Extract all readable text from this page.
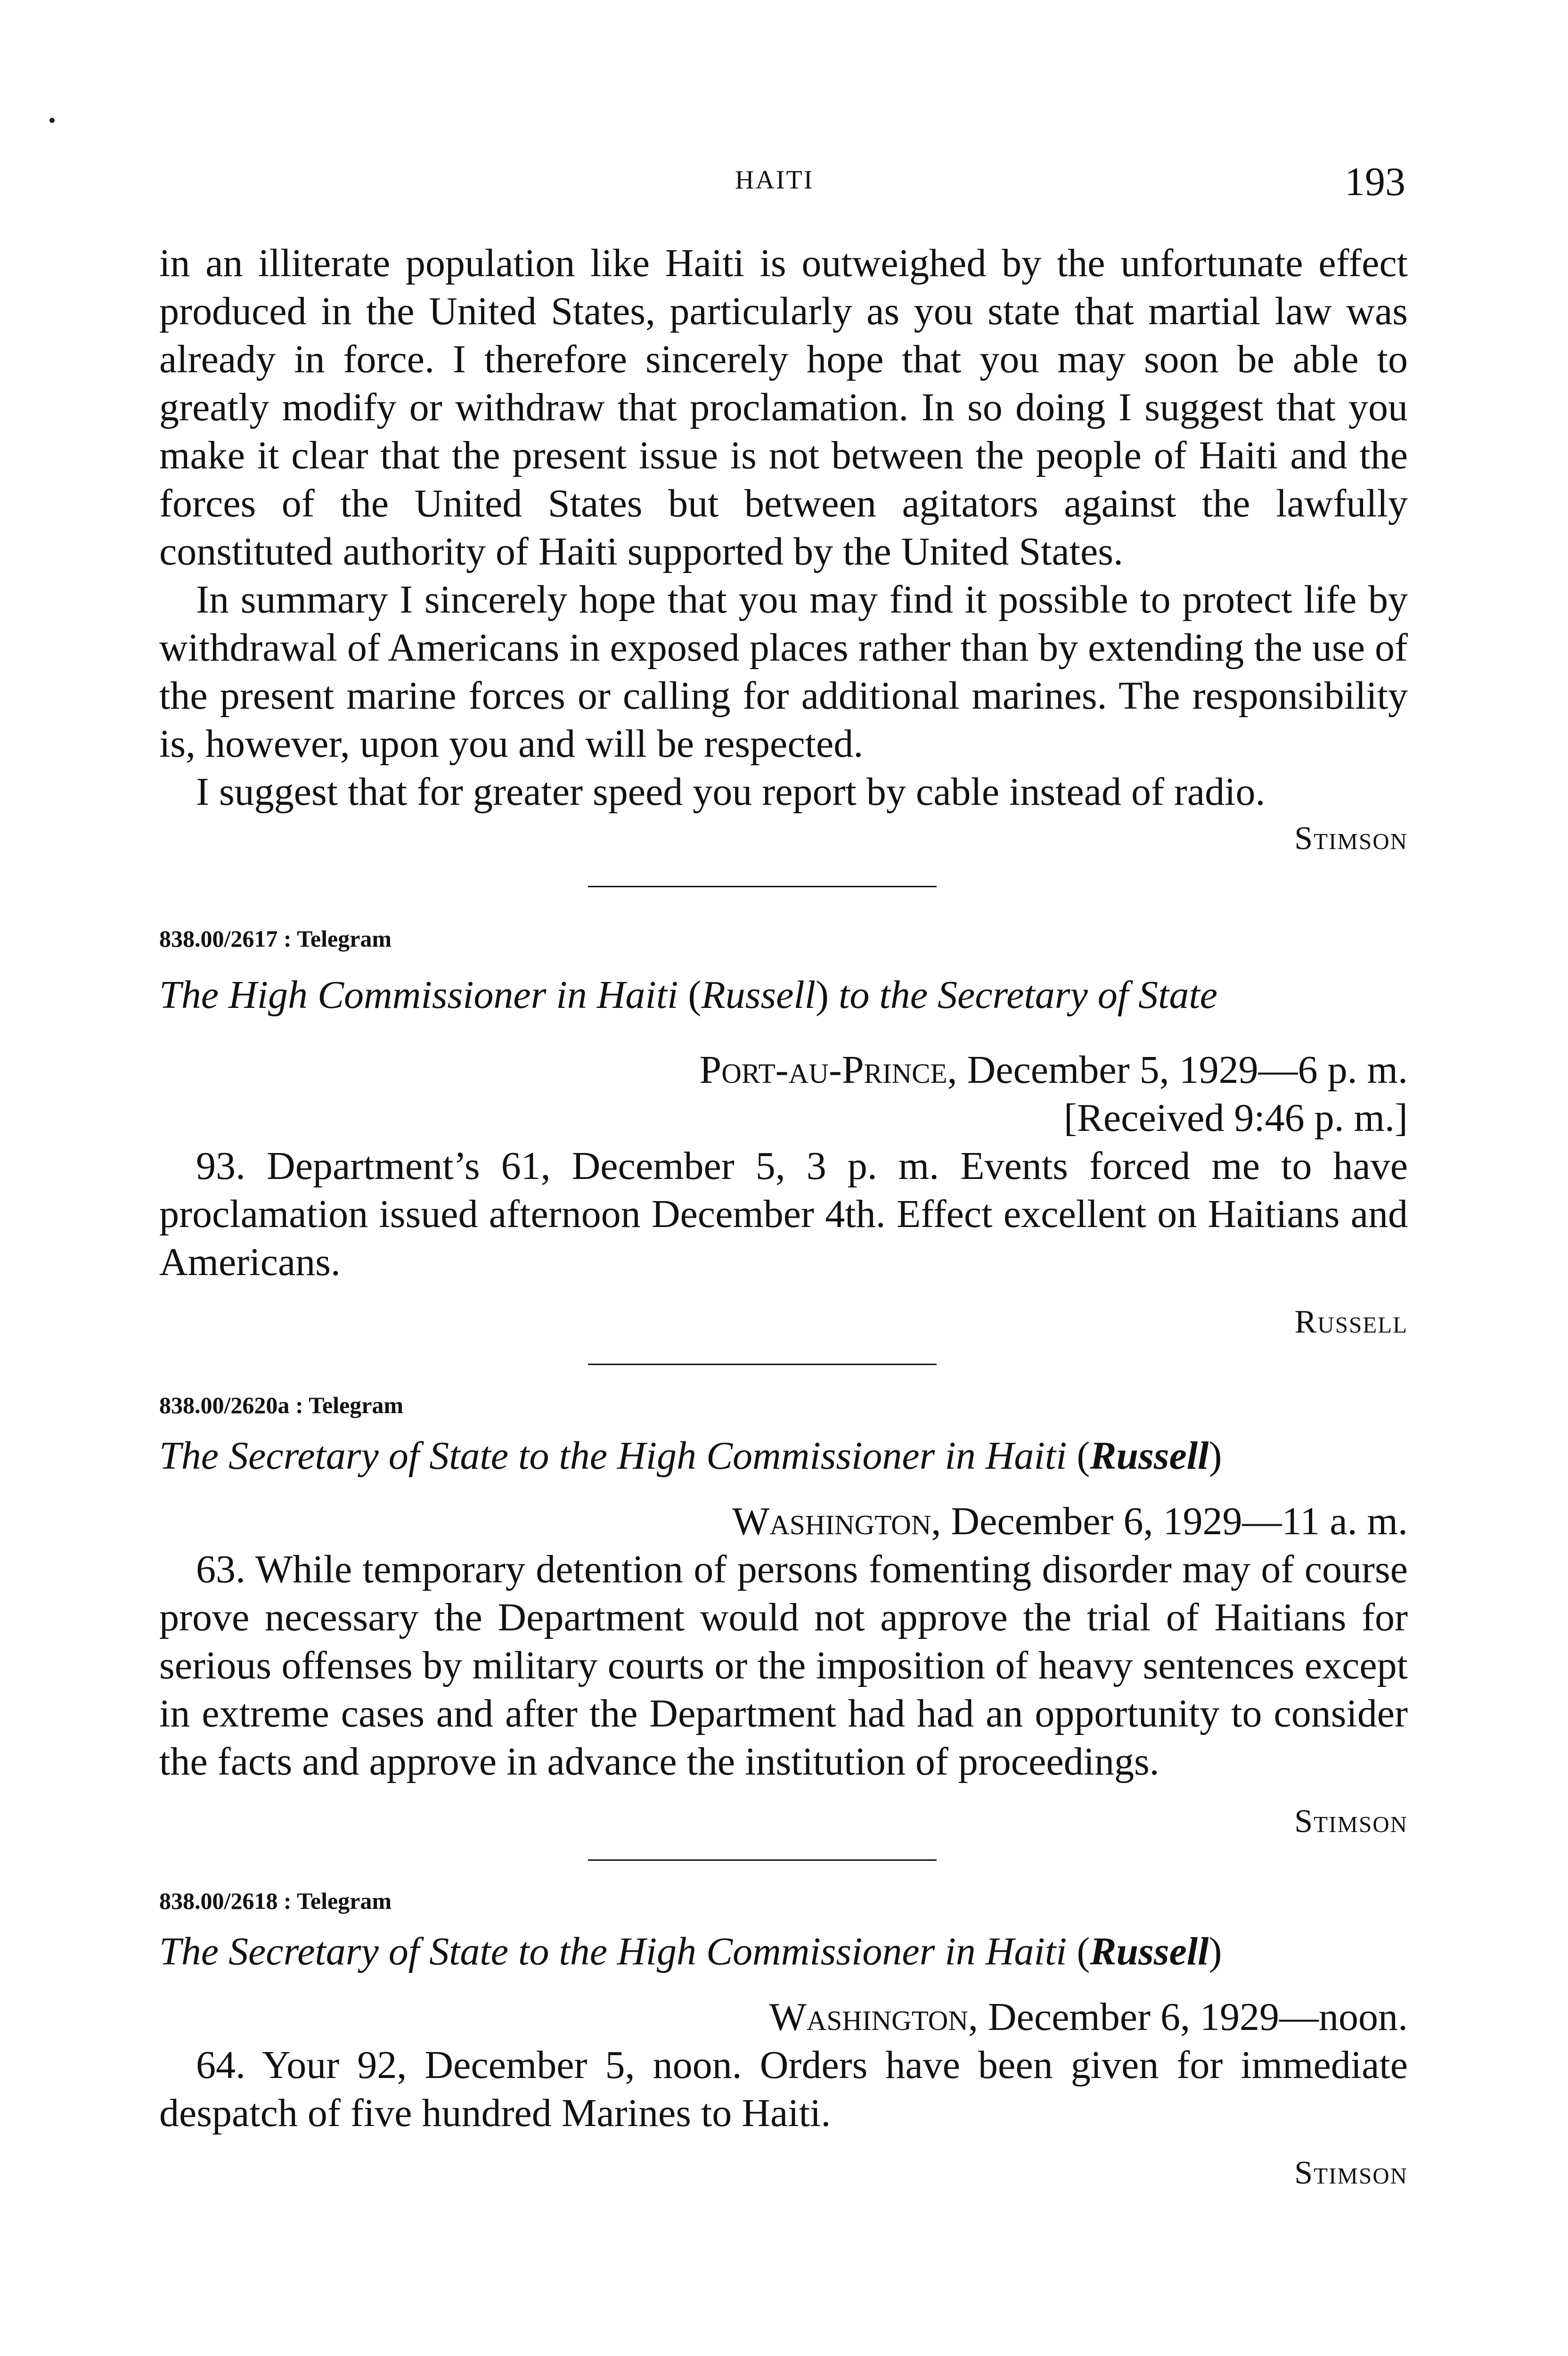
HAITI	193

in an illiterate population like Haiti is outweighed by the unfortunate effect produced in the United States, particularly as you state that martial law was already in force. I therefore sincerely hope that you may soon be able to greatly modify or withdraw that proclamation. In so doing I suggest that you make it clear that the present issue is not between the people of Haiti and the forces of the United States but between agitators against the lawfully constituted authority of Haiti supported by the United States.

In summary I sincerely hope that you may find it possible to protect life by withdrawal of Americans in exposed places rather than by extending the use of the present marine forces or calling for additional marines. The responsibility is, however, upon you and will be respected.

I suggest that for greater speed you report by cable instead of radio.

Stimson

838.00/2617 : Telegram

The High Commissioner in Haiti (Russell) to the Secretary of State

Port-au-Prince, December 5, 1929—6 p. m.

[Received 9:46 p. m.]

93. Department’s 61, December 5, 3 p. m. Events forced me to have proclamation issued afternoon December 4th. Effect excellent on Haitians and Americans.

Russell

838.00/2620a : Telegram

The Secretary of State to the High Commissioner in Haiti (Russell)

Washington, December 6, 1929—11 a. m.

63. While temporary detention of persons fomenting disorder may of course prove necessary the Department would not approve the trial of Haitians for serious offenses by military courts or the imposition of heavy sentences except in extreme cases and after the Department had had an opportunity to consider the facts and approve in advance the institution of proceedings.

Stimson

838.00/2618 : Telegram

The Secretary of State to the High Commissioner in Haiti (Russell)

Washington, December 6, 1929—noon.

64. Your 92, December 5, noon. Orders have been given for immediate despatch of five hundred Marines to Haiti.

Stimson
